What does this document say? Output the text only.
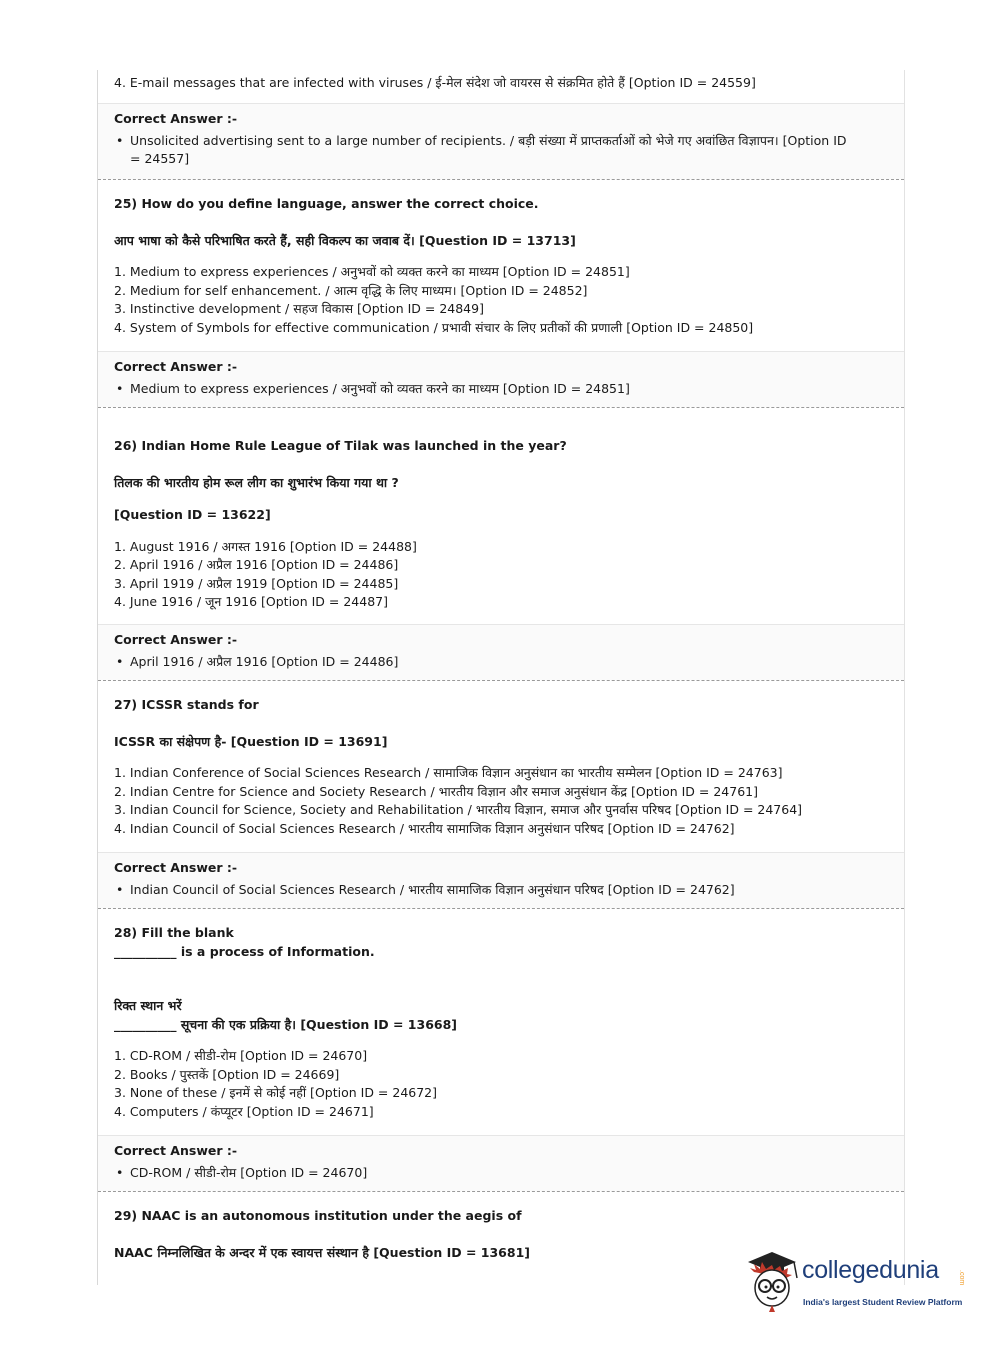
4. E-mail messages that are infected with viruses / ई-मेल संदेश जो वायरस से संक्रमित होते हैं [Option ID = 24559]
Correct Answer :-
• Unsolicited advertising sent to a large number of recipients. / बड़ी संख्या में प्राप्तकर्ताओं को भेजे गए अवांछित विज्ञापन। [Option ID
= 24557]
25) How do you define language, answer the correct choice.
आप भाषा को कैसे परिभाषित करते हैं, सही विकल्प का जवाब दें। [Question ID = 13713]
1. Medium to express experiences / अनुभवों को व्यक्त करने का माध्यम [Option ID = 24851]
2. Medium for self enhancement. / आत्म वृद्धि के लिए माध्यम। [Option ID = 24852]
3. Instinctive development / सहज विकास [Option ID = 24849]
4. System of Symbols for effective communication / प्रभावी संचार के लिए प्रतीकों की प्रणाली [Option ID = 24850]
Correct Answer :-
• Medium to express experiences / अनुभवों को व्यक्त करने का माध्यम [Option ID = 24851]
26) Indian Home Rule League of Tilak was launched in the year?
तिलक की भारतीय होम रूल लीग का शुभारंभ किया गया था ?
[Question ID = 13622]
1. August 1916 / अगस्त 1916 [Option ID = 24488]
2. April 1916 / अप्रैल 1916 [Option ID = 24486]
3. April 1919 / अप्रैल 1919 [Option ID = 24485]
4. June 1916 / जून 1916 [Option ID = 24487]
Correct Answer :-
• April 1916 / अप्रैल 1916 [Option ID = 24486]
27) ICSSR stands for
ICSSR का संक्षेपण है- [Question ID = 13691]
1. Indian Conference of Social Sciences Research / सामाजिक विज्ञान अनुसंधान का भारतीय सम्मेलन [Option ID = 24763]
2. Indian Centre for Science and Society Research / भारतीय विज्ञान और समाज अनुसंधान केंद्र [Option ID = 24761]
3. Indian Council for Science, Society and Rehabilitation / भारतीय विज्ञान, समाज और पुनर्वास परिषद [Option ID = 24764]
4. Indian Council of Social Sciences Research / भारतीय सामाजिक विज्ञान अनुसंधान परिषद [Option ID = 24762]
Correct Answer :-
• Indian Council of Social Sciences Research / भारतीय सामाजिक विज्ञान अनुसंधान परिषद [Option ID = 24762]
28) Fill the blank
__________ is a process of Information.
रिक्त स्थान भरें
__________ सूचना की एक प्रक्रिया है। [Question ID = 13668]
1. CD-ROM / सीडी-रोम [Option ID = 24670]
2. Books / पुस्तकें [Option ID = 24669]
3. None of these / इनमें से कोई नहीं [Option ID = 24672]
4. Computers / कंप्यूटर [Option ID = 24671]
Correct Answer :-
• CD-ROM / सीडी-रोम [Option ID = 24670]
29) NAAC is an autonomous institution under the aegis of
NAAC निम्नलिखित के अन्दर में एक स्वायत्त संस्थान है [Question ID = 13681]
collegedunia	.com
India's largest Student Review Platform
